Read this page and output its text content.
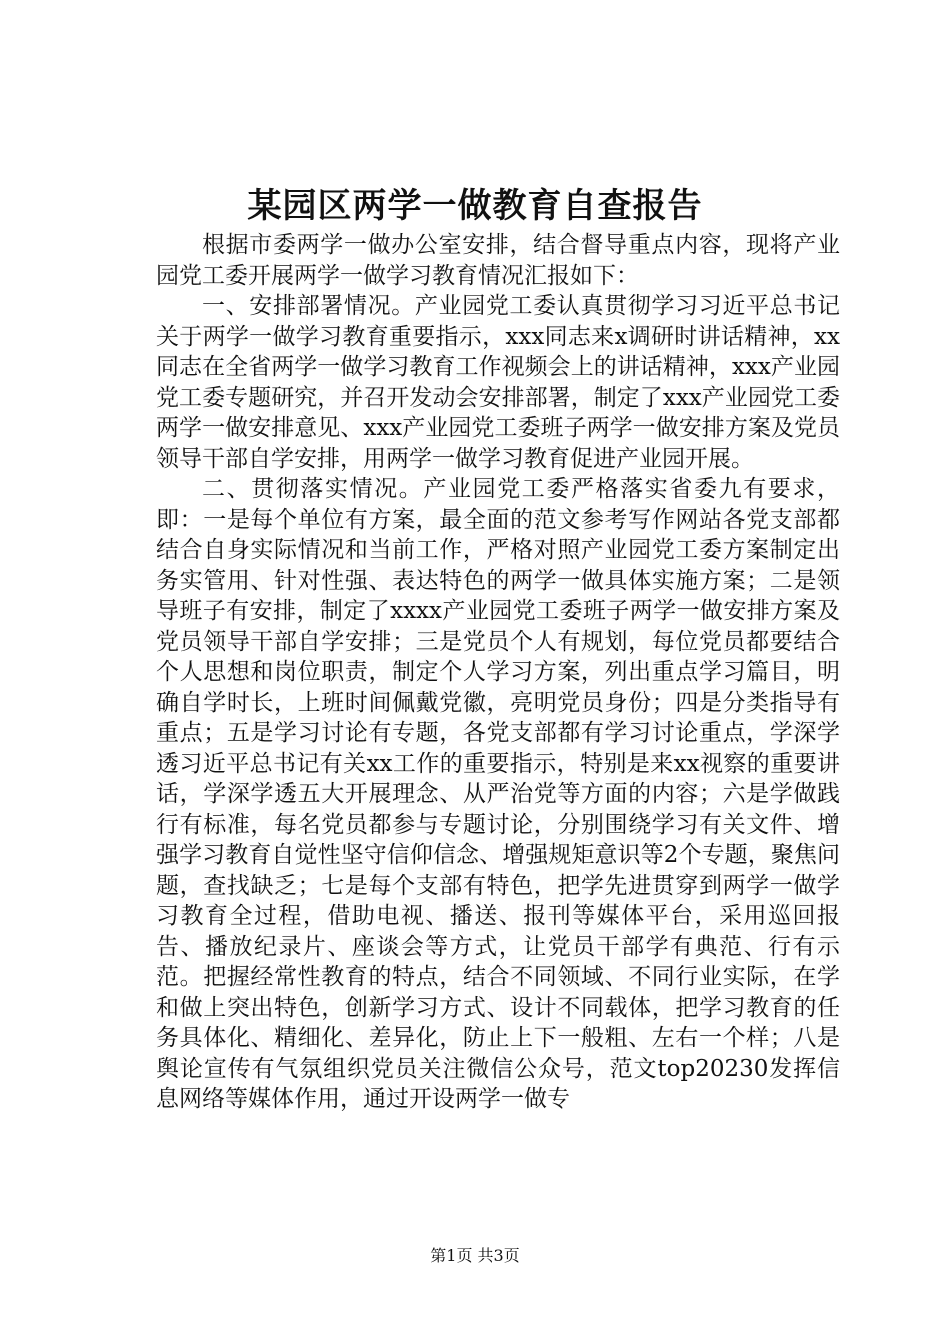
某园区两学一做教育自查报告

根据市委两学一做办公室安排，结合督导重点内容，现将产业园党工委开展两学一做学习教育情况汇报如下：

一、安排部署情况。产业园党工委认真贯彻学习习近平总书记关于两学一做学习教育重要指示，xxx同志来x调研时讲话精神，xx同志在全省两学一做学习教育工作视频会上的讲话精神，xxx产业园党工委专题研究，并召开发动会安排部署，制定了xxx产业园党工委两学一做安排意见、xxx产业园党工委班子两学一做安排方案及党员领导干部自学安排，用两学一做学习教育促进产业园开展。

二、贯彻落实情况。产业园党工委严格落实省委九有要求，即：一是每个单位有方案，最全面的范文参考写作网站各党支部都结合自身实际情况和当前工作，严格对照产业园党工委方案制定出务实管用、针对性强、表达特色的两学一做具体实施方案；二是领导班子有安排，制定了xxxx产业园党工委班子两学一做安排方案及党员领导干部自学安排；三是党员个人有规划，每位党员都要结合个人思想和岗位职责，制定个人学习方案，列出重点学习篇目，明确自学时长，上班时间佩戴党徽，亮明党员身份；四是分类指导有重点；五是学习讨论有专题，各党支部都有学习讨论重点，学深学透习近平总书记有关xx工作的重要指示，特别是来xx视察的重要讲话，学深学透五大开展理念、从严治党等方面的内容；六是学做践行有标准，每名党员都参与专题讨论，分别围绕学习有关文件、增强学习教育自觉性坚守信仰信念、增强规矩意识等2个专题，聚焦问题，查找缺乏；七是每个支部有特色，把学先进贯穿到两学一做学习教育全过程，借助电视、播送、报刊等媒体平台，采用巡回报告、播放纪录片、座谈会等方式，让党员干部学有典范、行有示范。把握经常性教育的特点，结合不同领域、不同行业实际，在学和做上突出特色，创新学习方式、设计不同载体，把学习教育的任务具体化、精细化、差异化，防止上下一般粗、左右一个样；八是舆论宣传有气氛组织党员关注微信公众号，范文top20230发挥信息网络等媒体作用，通过开设两学一做专

第1页 共3页
